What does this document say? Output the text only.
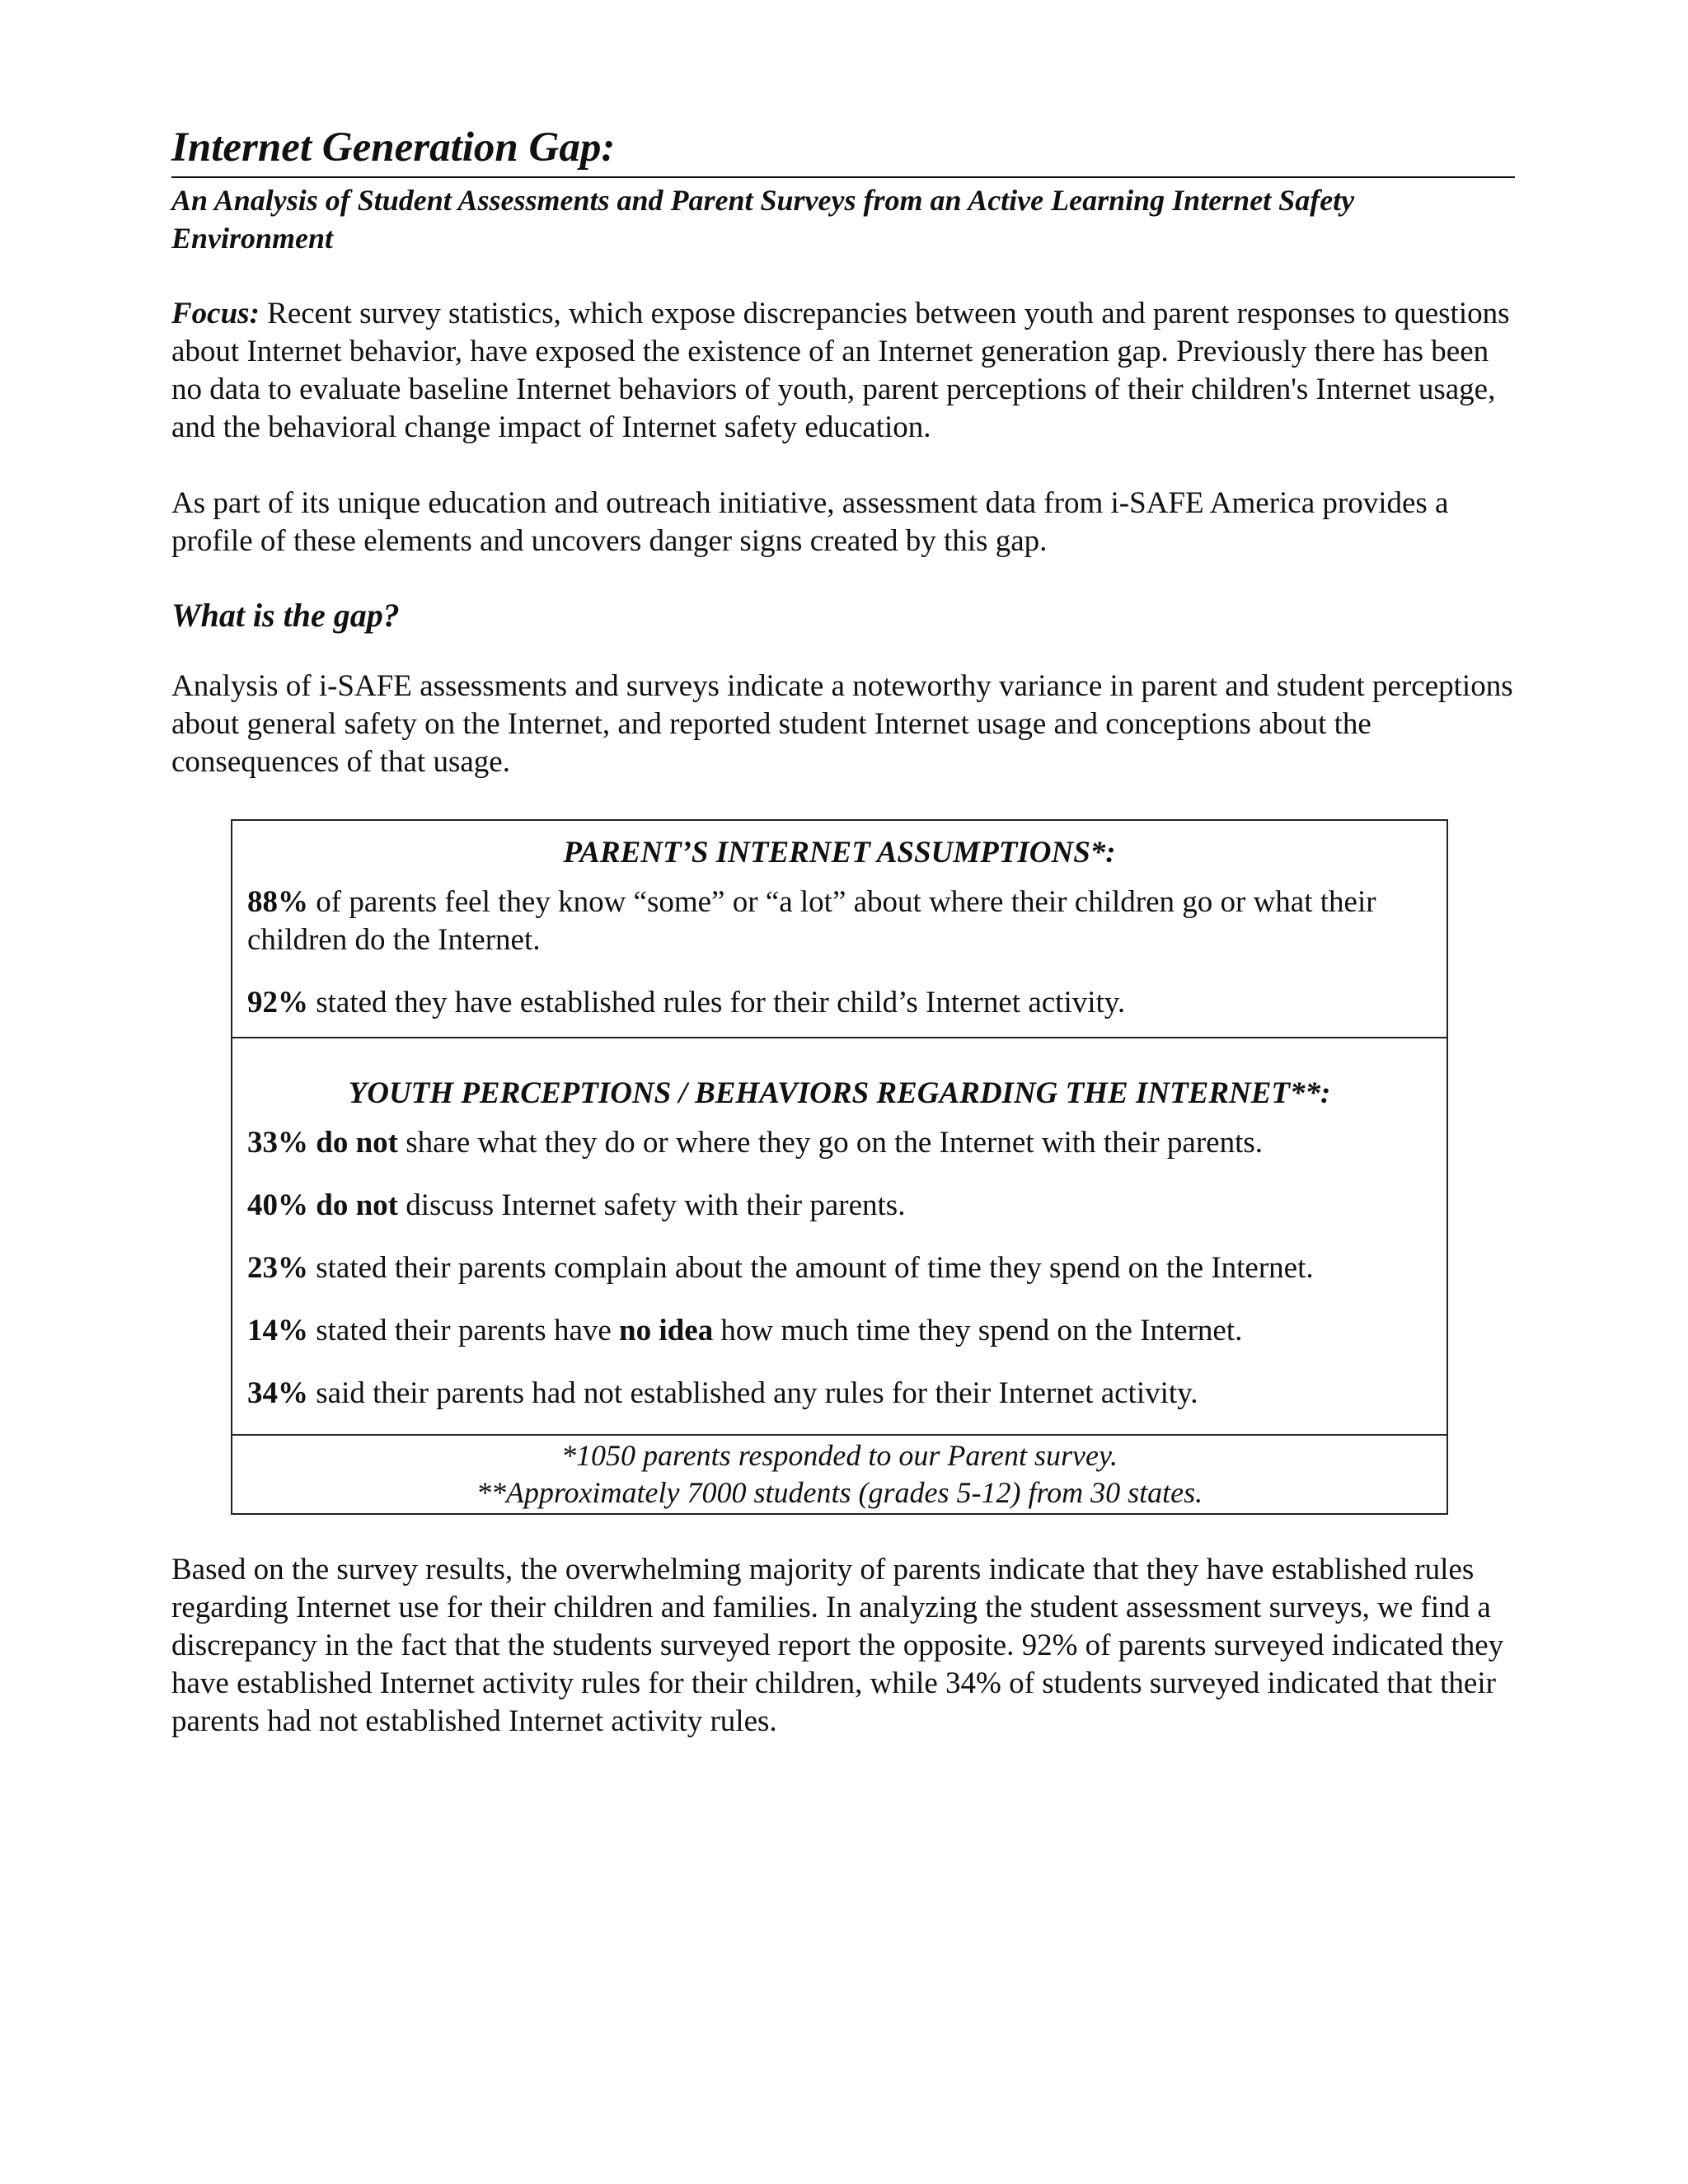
Internet Generation Gap:
An Analysis of Student Assessments and Parent Surveys from an Active Learning Internet Safety Environment

Focus: Recent survey statistics, which expose discrepancies between youth and parent responses to questions about Internet behavior, have exposed the existence of an Internet generation gap. Previously there has been no data to evaluate baseline Internet behaviors of youth, parent perceptions of their children's Internet usage, and the behavioral change impact of Internet safety education.

As part of its unique education and outreach initiative, assessment data from i-SAFE America provides a profile of these elements and uncovers danger signs created by this gap.

What is the gap?

Analysis of i-SAFE assessments and surveys indicate a noteworthy variance in parent and student perceptions about general safety on the Internet, and reported student Internet usage and conceptions about the consequences of that usage.

PARENT’S INTERNET ASSUMPTIONS*:
88% of parents feel they know “some” or “a lot” about where their children go or what their children do the Internet.
92% stated they have established rules for their child’s Internet activity.
YOUTH PERCEPTIONS / BEHAVIORS REGARDING THE INTERNET**:
33% do not share what they do or where they go on the Internet with their parents.
40% do not discuss Internet safety with their parents.
23% stated their parents complain about the amount of time they spend on the Internet.
14% stated their parents have no idea how much time they spend on the Internet.
34% said their parents had not established any rules for their Internet activity.
*1050 parents responded to our Parent survey.
**Approximately 7000 students (grades 5-12) from 30 states.

Based on the survey results, the overwhelming majority of parents indicate that they have established rules regarding Internet use for their children and families. In analyzing the student assessment surveys, we find a discrepancy in the fact that the students surveyed report the opposite. 92% of parents surveyed indicated they have established Internet activity rules for their children, while 34% of students surveyed indicated that their parents had not established Internet activity rules.
